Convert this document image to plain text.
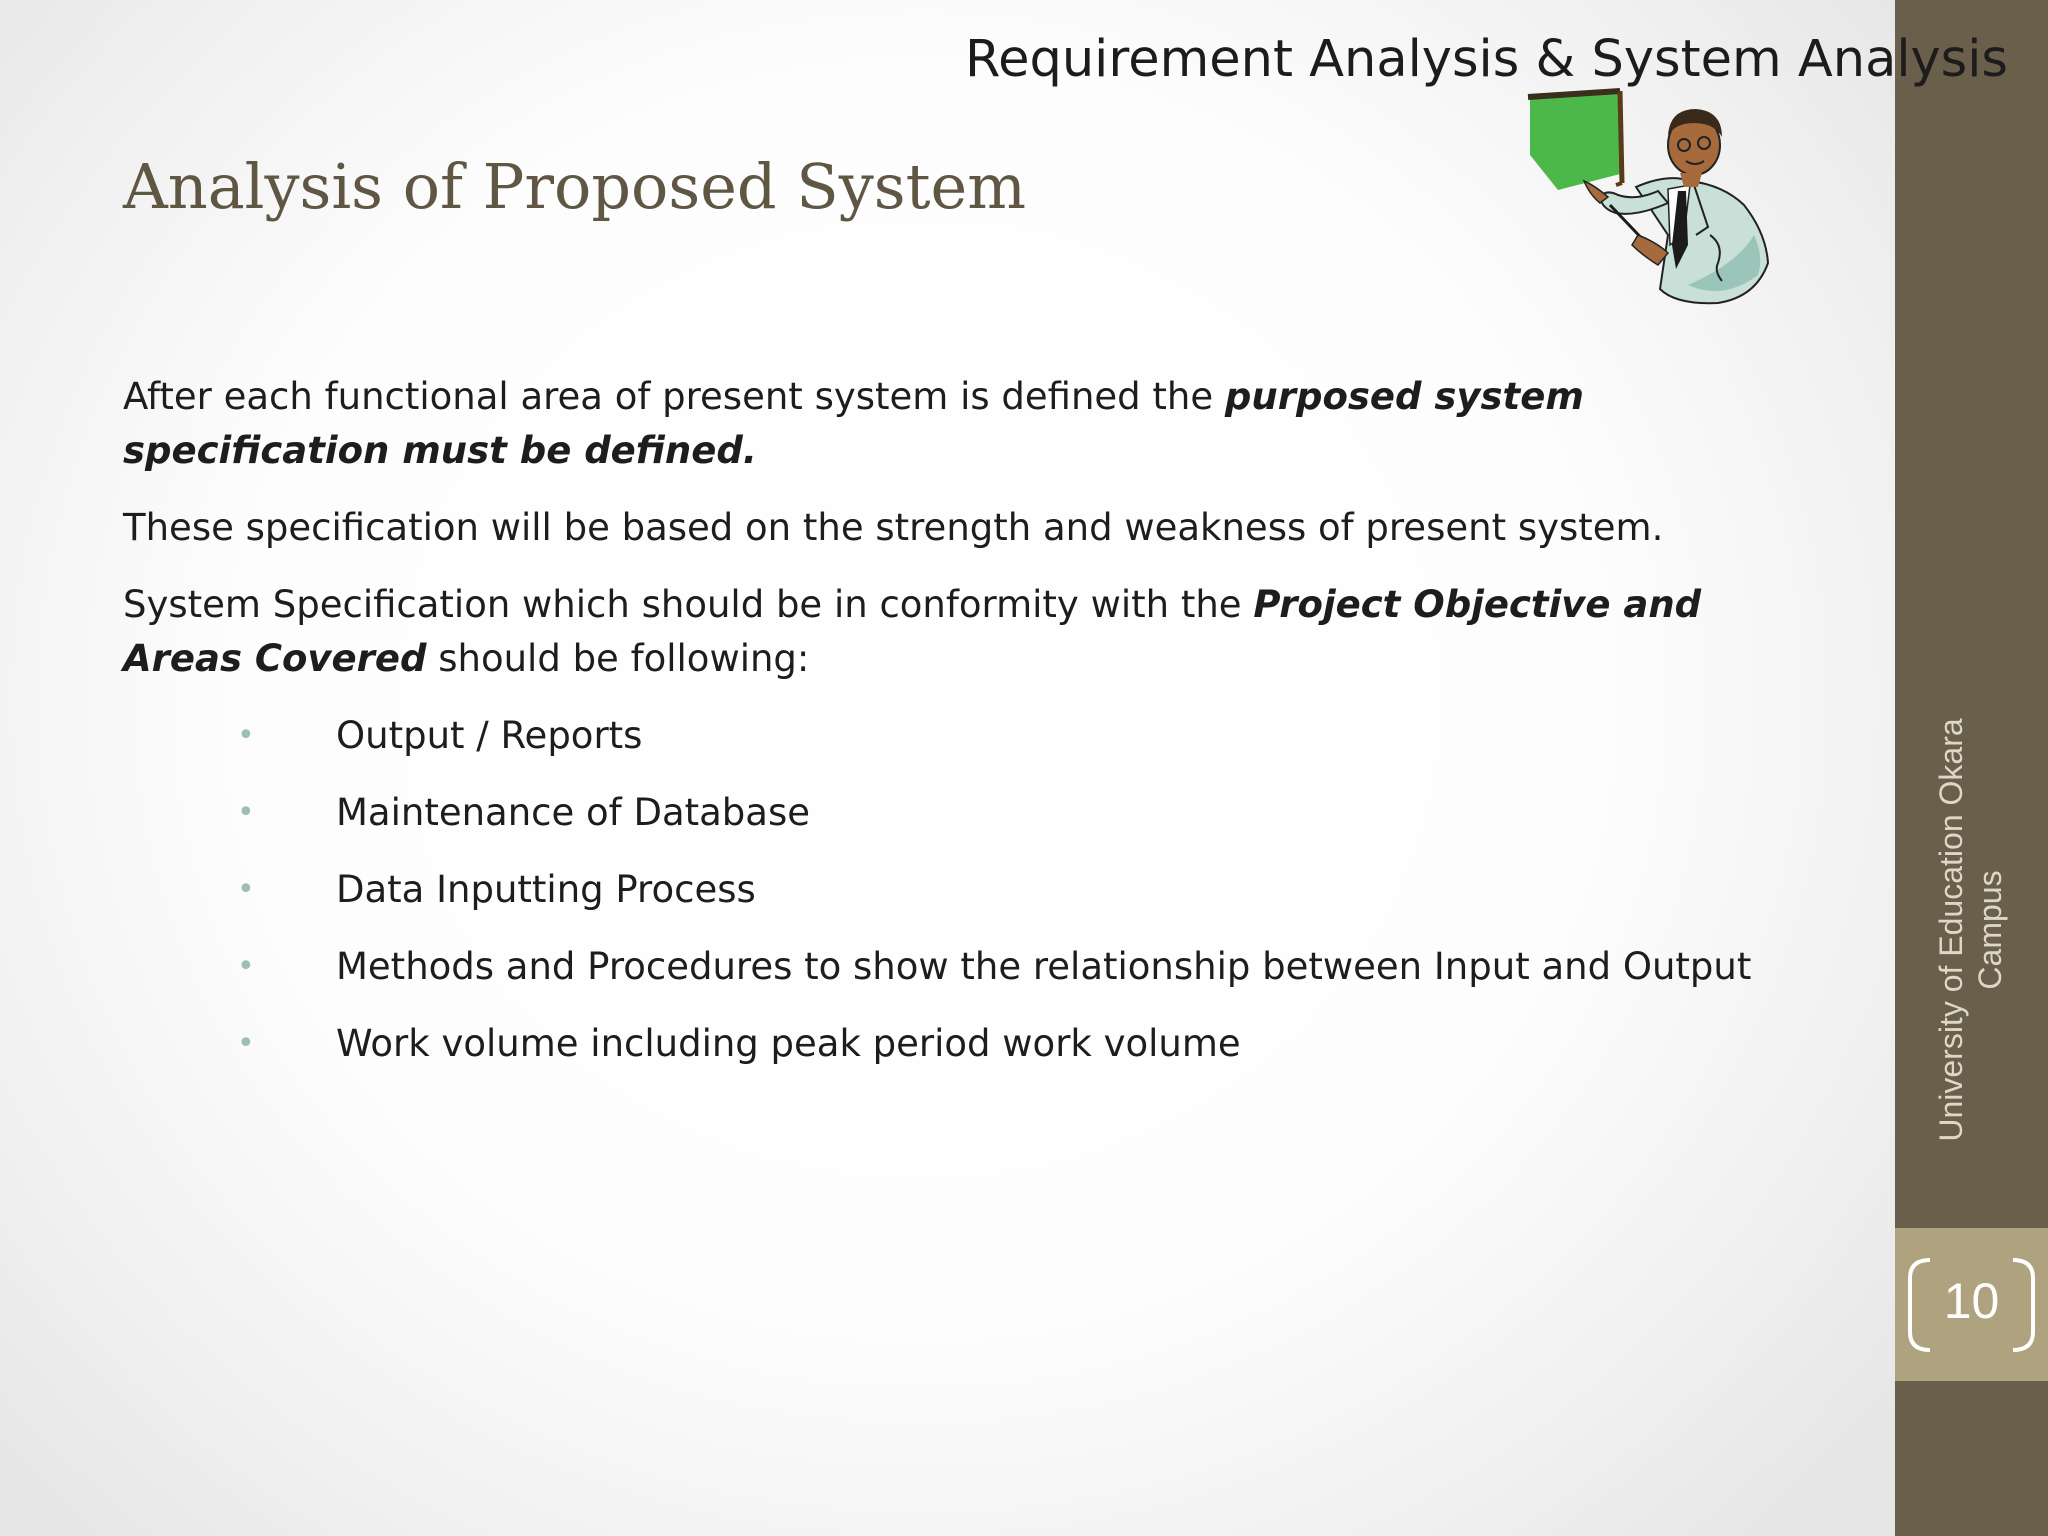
Requirement Analysis & System Analysis
University of Education Okara
Campus
10
Analysis of Proposed System

After each functional area of present system is defined the purposed system specification must be defined.

These specification will be based on the strength and weakness of present system.

System Specification which should be in conformity with the Project Objective and Areas Covered should be following:

• Output / Reports
• Maintenance of Database
• Data Inputting Process
• Methods and Procedures to show the relationship between Input and Output
• Work volume including peak period work volume
